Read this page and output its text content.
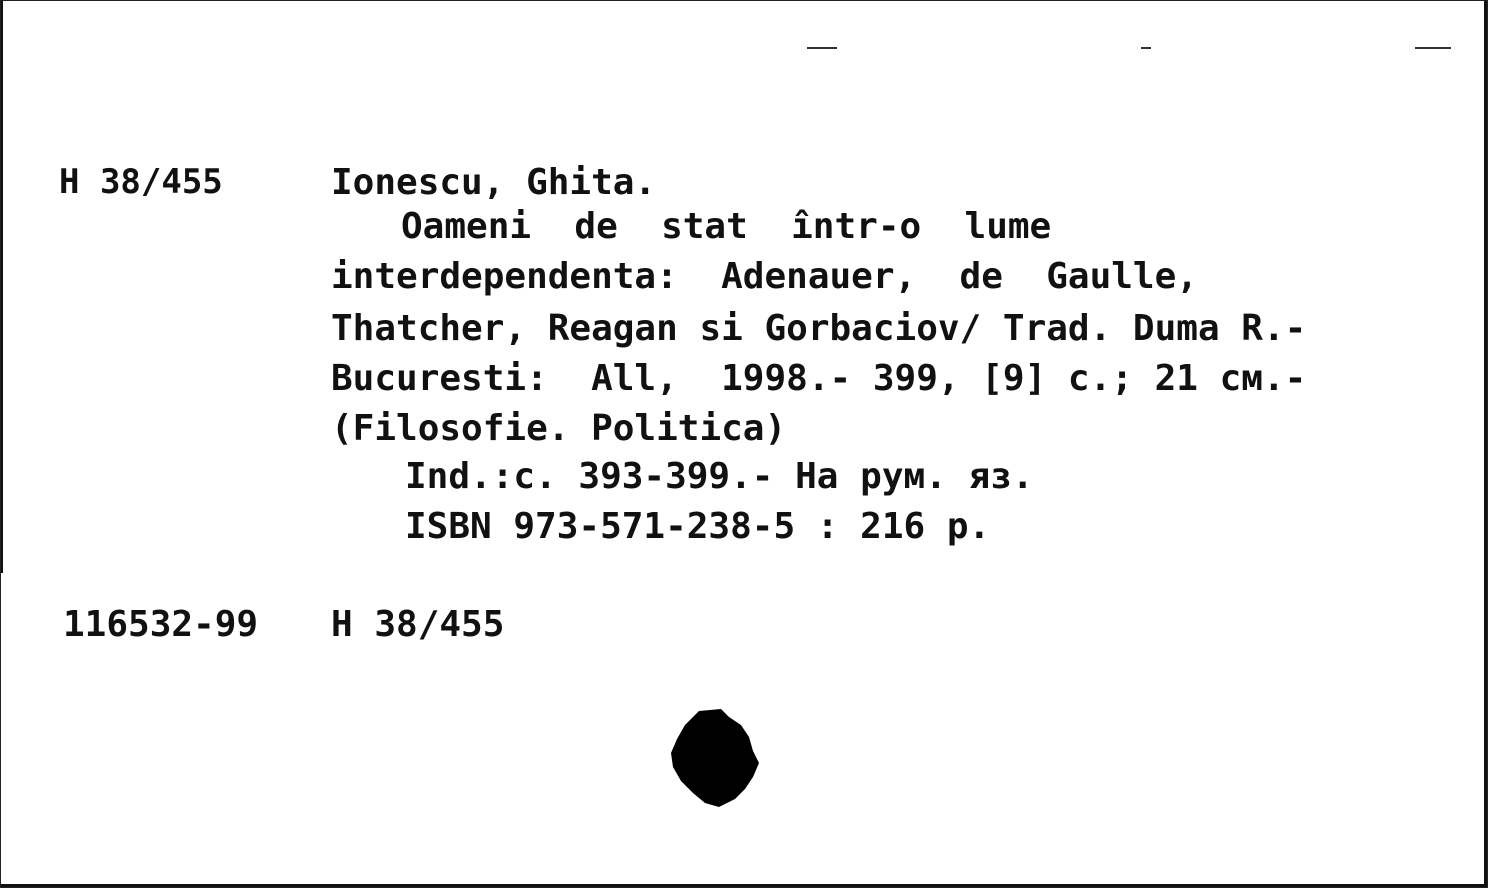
H 38/455	Ionescu, Ghita.
Oameni  de  stat  într-o  lume
interdependenta:  Adenauer,  de  Gaulle,
Thatcher, Reagan si Gorbaciov/ Trad. Duma R.-
Bucuresti:  All,  1998.- 399, [9] c.; 21 cм.-
(Filosofie. Politica)
Ind.:c. 393-399.- На рум. яз.
ISBN 973-571-238-5 : 216 р.
116532-99 H 38/455
